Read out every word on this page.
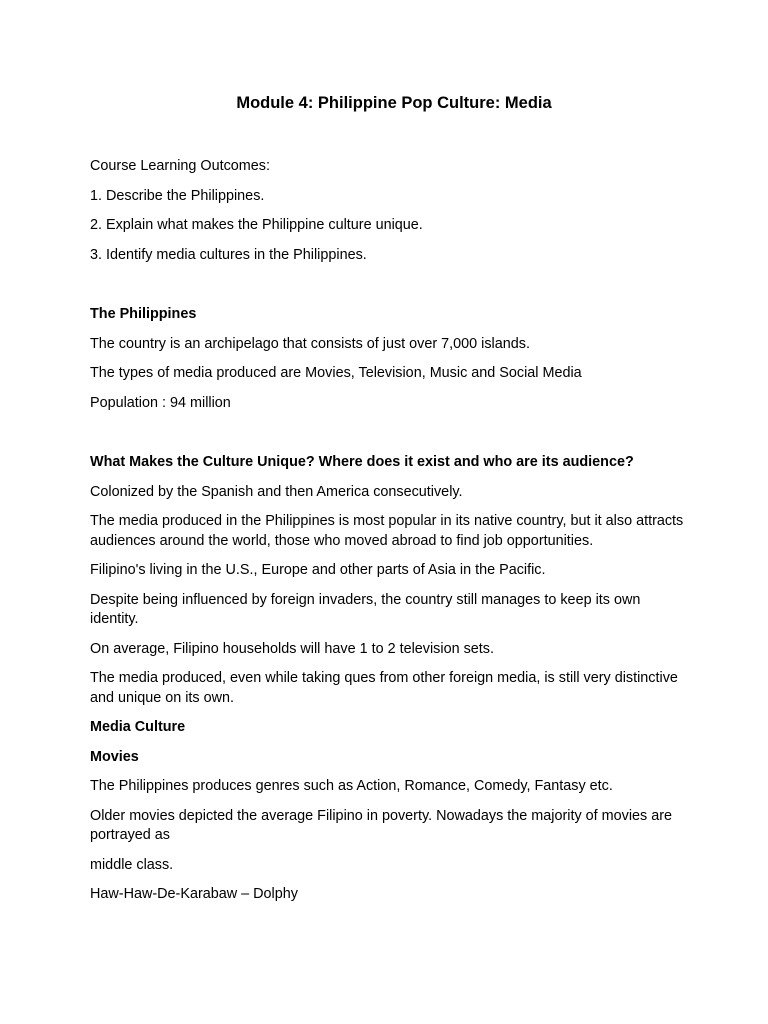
Module 4: Philippine Pop Culture: Media

Course Learning Outcomes:

1. Describe the Philippines.

2. Explain what makes the Philippine culture unique.

3. Identify media cultures in the Philippines.

The Philippines

The country is an archipelago that consists of just over 7,000 islands.

The types of media produced are Movies, Television, Music and Social Media

Population : 94 million

What Makes the Culture Unique? Where does it exist and who are its audience?

Colonized by the Spanish and then America consecutively.

The media produced in the Philippines is most popular in its native country, but it also attracts audiences around the world, those who moved abroad to find job opportunities.

Filipino's living in the U.S., Europe and other parts of Asia in the Pacific.

Despite being influenced by foreign invaders, the country still manages to keep its own identity.

On average, Filipino households will have 1 to 2 television sets.

The media produced, even while taking ques from other foreign media, is still very distinctive and unique on its own.

Media Culture

Movies

The Philippines produces genres such as Action, Romance, Comedy, Fantasy etc.

Older movies depicted the average Filipino in poverty. Nowadays the majority of movies are portrayed as

middle class.

Haw-Haw-De-Karabaw – Dolphy
